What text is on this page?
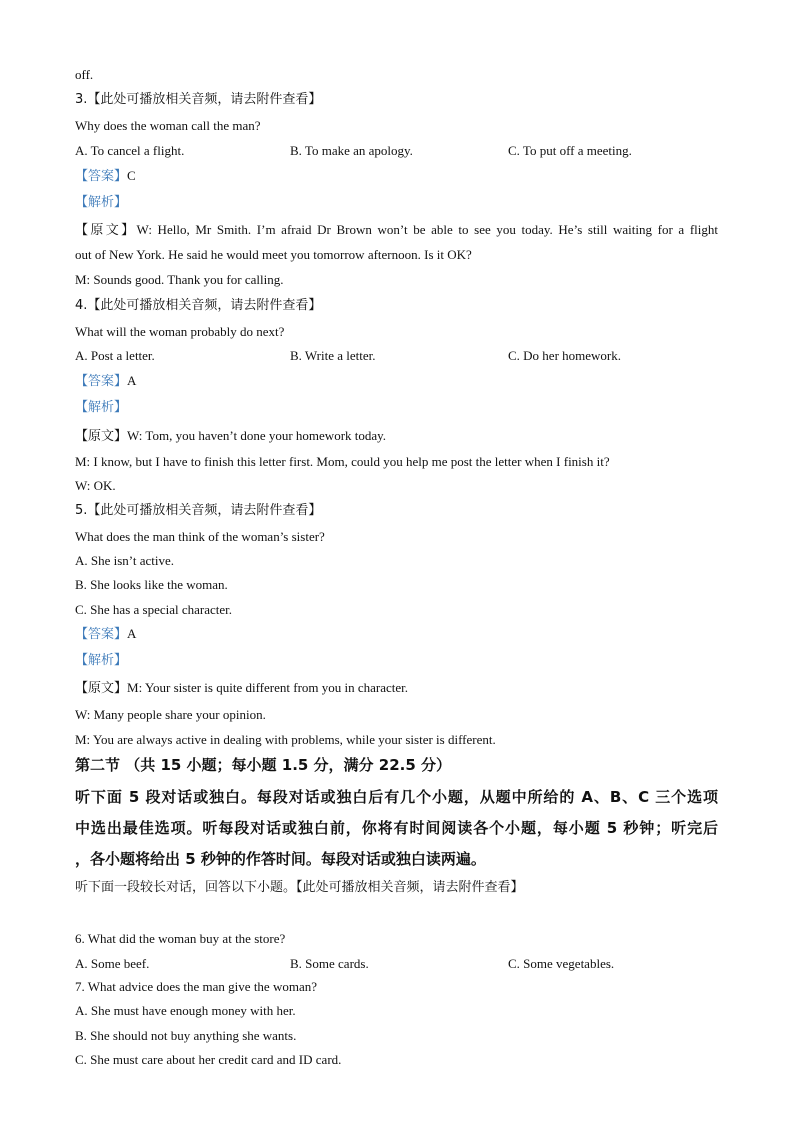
off.
3.【此处可播放相关音频，请去附件查看】
Why does the woman call the man?
A. To cancel a flight.	B. To make an apology.	C. To put off a meeting.
【答案】C
【解析】
【原文】W: Hello, Mr Smith. I’m afraid Dr Brown won’t be able to see you today. He’s still waiting for a flight
out of New York. He said he would meet you tomorrow afternoon. Is it OK?
M: Sounds good. Thank you for calling.
4.【此处可播放相关音频，请去附件查看】
What will the woman probably do next?
A. Post a letter.	B. Write a letter.	C. Do her homework.
【答案】A
【解析】
【原文】W: Tom, you haven’t done your homework today.
M: I know, but I have to finish this letter first. Mom, could you help me post the letter when I finish it?
W: OK.
5.【此处可播放相关音频，请去附件查看】
What does the man think of the woman’s sister?
A. She isn’t active.
B. She looks like the woman.
C. She has a special character.
【答案】A
【解析】
【原文】M: Your sister is quite different from you in character.
W: Many people share your opinion.
M: You are always active in dealing with problems, while your sister is different.
第二节 （共 15 小题；每小题 1.5 分，满分 22.5 分）
听下面 5 段对话或独白。每段对话或独白后有几个小题，从题中所给的 A、B、C 三个选项
中选出最佳选项。听每段对话或独白前，你将有时间阅读各个小题，每小题 5 秒钟；听完后
，各小题将给出 5 秒钟的作答时间。每段对话或独白读两遍。
听下面一段较长对话，回答以下小题。【此处可播放相关音频，请去附件查看】
6. What did the woman buy at the store?
A. Some beef.	B. Some cards.	C. Some vegetables.
7. What advice does the man give the woman?
A. She must have enough money with her.
B. She should not buy anything she wants.
C. She must care about her credit card and ID card.
